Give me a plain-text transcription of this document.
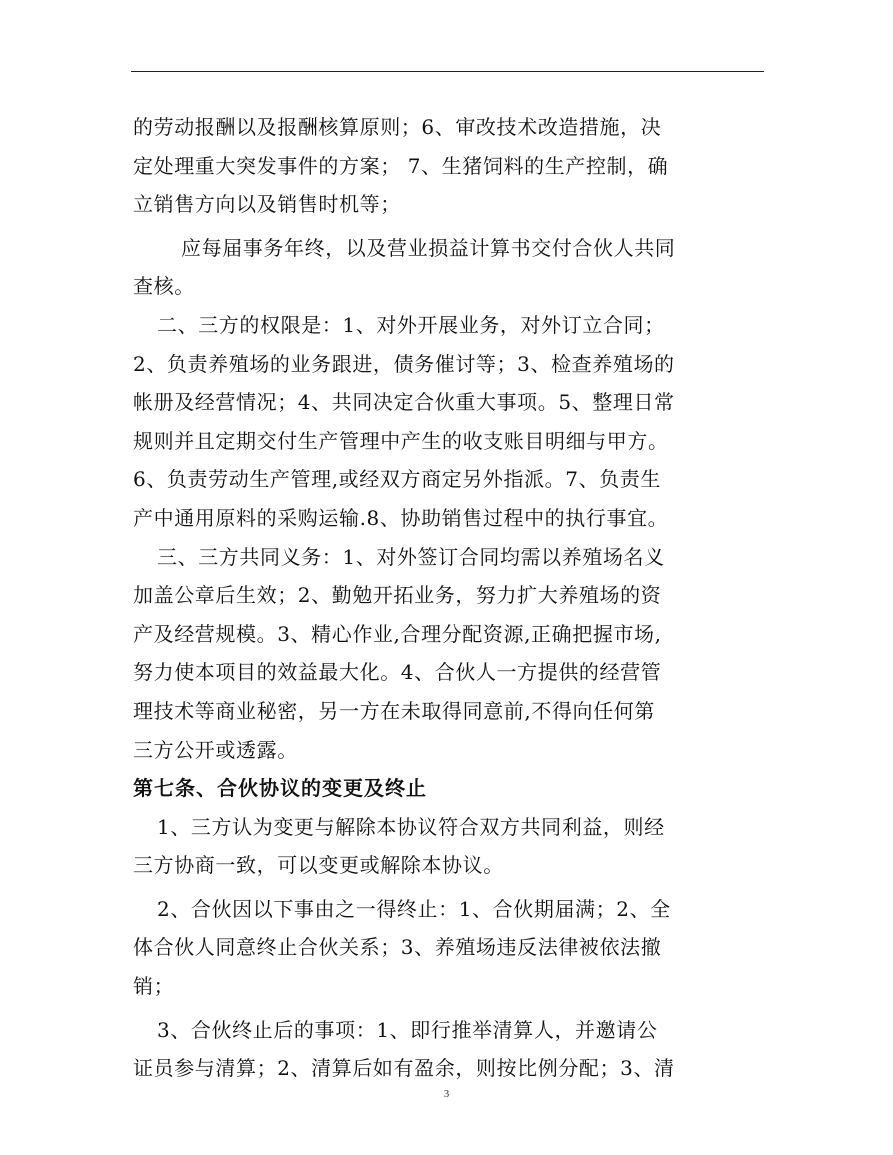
的劳动报酬以及报酬核算原则；6、审改技术改造措施，决
定处理重大突发事件的方案； 7、生猪饲料的生产控制，确
立销售方向以及销售时机等；
应每届事务年终，以及营业损益计算书交付合伙人共同
查核。
二、三方的权限是：1、对外开展业务，对外订立合同；
2、负责养殖场的业务跟进，债务催讨等；3、检查养殖场的
帐册及经营情况；4、共同决定合伙重大事项。5、整理日常
规则并且定期交付生产管理中产生的收支账目明细与甲方。
6、负责劳动生产管理,或经双方商定另外指派。7、负责生
产中通用原料的采购运输.8、协助销售过程中的执行事宜。
三、三方共同义务：1、对外签订合同均需以养殖场名义
加盖公章后生效；2、勤勉开拓业务，努力扩大养殖场的资
产及经营规模。3、精心作业,合理分配资源,正确把握市场,
努力使本项目的效益最大化。4、合伙人一方提供的经营管
理技术等商业秘密，另一方在未取得同意前,不得向任何第
三方公开或透露。
第七条、合伙协议的变更及终止
1、三方认为变更与解除本协议符合双方共同利益，则经
三方协商一致，可以变更或解除本协议。
2、合伙因以下事由之一得终止：1、合伙期届满；2、全
体合伙人同意终止合伙关系；3、养殖场违反法律被依法撤
销；
3、合伙终止后的事项：1、即行推举清算人，并邀请公
证员参与清算；2、清算后如有盈余，则按比例分配；3、清
3
